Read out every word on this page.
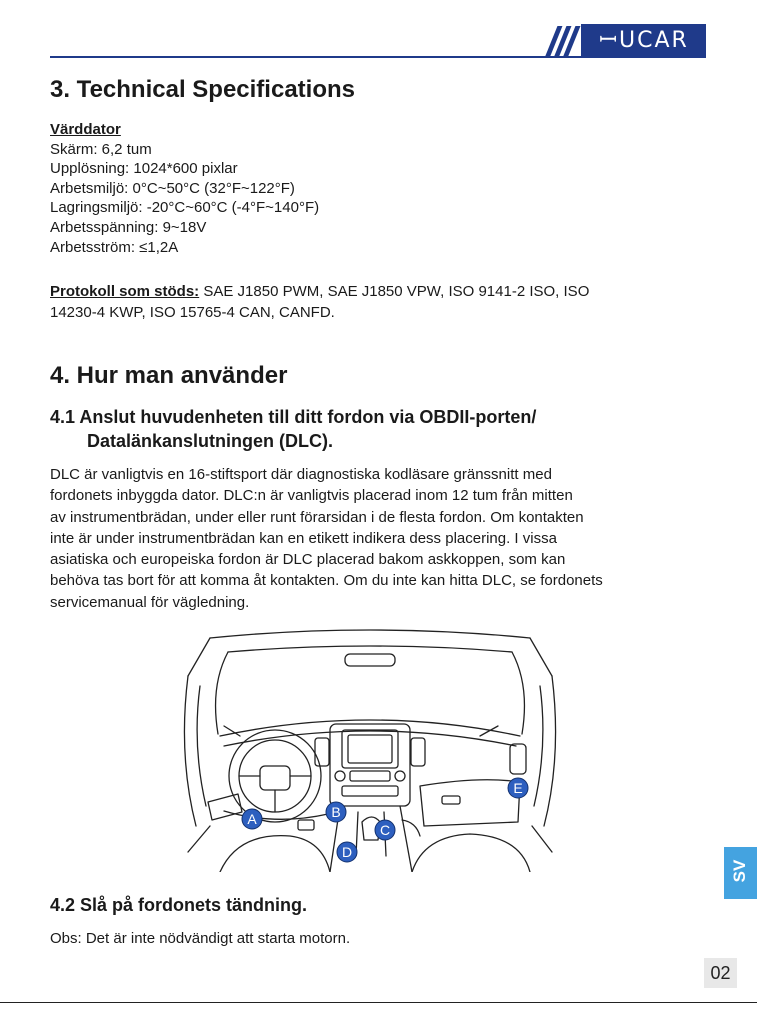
ꟷUCAR
3. Technical Specifications

Värddator

Skärm: 6,2 tum

Upplösning: 1024*600 pixlar

Arbetsmiljö: 0°C~50°C (32°F~122°F)

Lagringsmiljö: -20°C~60°C (-4°F~140°F)

Arbetsspänning: 9~18V

Arbetsström: ≤1,2A

Protokoll som stöds: SAE J1850 PWM, SAE J1850 VPW, ISO 9141-2 ISO, ISO
14230-4 KWP, ISO 15765-4 CAN, CANFD.
4. Hur man använder
4.1 Anslut huvudenheten till ditt fordon via OBDII-porten/
Datalänkanslutningen (DLC).
DLC är vanligtvis en 16-stiftsport där diagnostiska kodläsare gränssnitt med
fordonets inbyggda dator. DLC:n är vanligtvis placerad inom 12 tum från mitten
av instrumentbrädan, under eller runt förarsidan i de flesta fordon. Om kontakten
inte är under instrumentbrädan kan en etikett indikera dess placering. I vissa
asiatiska och europeiska fordon är DLC placerad bakom askkoppen, som kan
behöva tas bort för att komma åt kontakten. Om du inte kan hitta DLC, se fordonets
servicemanual för vägledning.
A	B
C
D
E
4.2 Slå på fordonets tändning.
Obs: Det är inte nödvändigt att starta motorn.
SV
02
